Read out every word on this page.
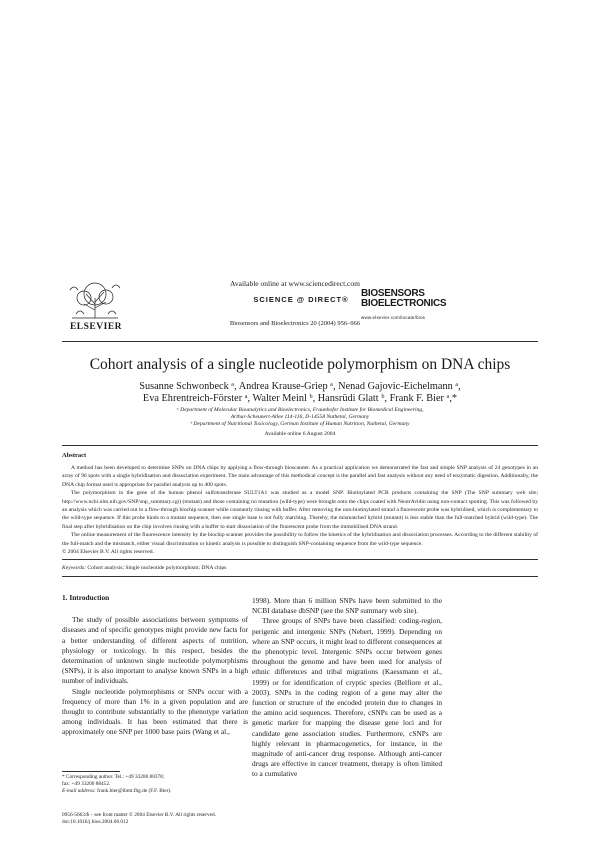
ELSEVIER
Available online at www.sciencedirect.com
SCIENCE @ DIRECT®
Biosensors and Bioelectronics 20 (2004) 956–966
BIOSENSORS
BIOELECTRONICS
www.elsevier.com/locate/bios
Cohort analysis of a single nucleotide polymorphism on DNA chips
Susanne Schwonbeck ᵃ, Andrea Krause-Griep ᵃ, Nenad Gajovic-Eichelmann ᵃ,
Eva Ehrentreich-Förster ᵃ, Walter Meinl ᵇ, Hansrüdi Glatt ᵇ, Frank F. Bier ᵃ,*
ᵃ Department of Molecular Bioanalytics and Bioelectronics, Fraunhofer Institute for Biomedical Engineering,
Arthur-Scheunert-Allee 114-116, D-14558 Nuthetal, Germany
ᵇ Department of Nutritional Toxicology, German Institute of Human Nutrition, Nuthetal, Germany
Available online 6 August 2004
Abstract

A method has been developed to determine SNPs on DNA chips by applying a flow-through bioscanner. As a practical application we demonstrated the fast and simple SNP analysis of 24 genotypes in an array of 96 spots with a single hybridisation and dissociation experiment. The main advantage of this methodical concept is the parallel and fast analysis without any need of enzymatic digestion. Additionally, the DNA chip format used is appropriate for parallel analysis up to 400 spots.

The polymorphism in the gene of the human phenol sulfotransferase SULT1A1 was studied as a model SNP. Biotinylated PCR products containing the SNP (The SNP summary web site; http://www.ncbi.nlm.nih.gov/SNP/snp_summary.cgi) (mutant) and those containing no mutation (wild-type) were brought onto the chips coated with NeutrAvidin using non-contact spotting. This was followed by an analysis which was carried out in a flow-through biochip scanner while constantly rinsing with buffer. After removing the non-biotinylated strand a fluorescent probe was hybridised, which is complementary to the wild-type sequence. If this probe binds to a mutant sequence, then one single base is not fully matching. Thereby, the mismatched hybrid (mutant) is less stable than the full-matched hybrid (wild-type). The final step after hybridisation on the chip involves rinsing with a buffer to start dissociation of the fluorescent probe from the immobilised DNA strand.

The online measurement of the fluorescence intensity by the biochip scanner provides the possibility to follow the kinetics of the hybridisation and dissociation processes. According to the different stability of the full-match and the mismatch, either visual discrimination or kinetic analysis is possible to distinguish SNP-containing sequence from the wild-type sequence.

© 2004 Elsevier B.V. All rights reserved.

Keywords: Cohort analysis; Single nucleotide polymorphism; DNA chips
1. Introduction

The study of possible associations between symptoms of diseases and of specific genotypes might provide new facts for a better understanding of different aspects of nutrition, physiology or toxicology. In this respect, besides the determination of unknown single nucleotide polymorphisms (SNPs), it is also important to analyse known SNPs in a high number of individuals.

Single nucleotide polymorphisms or SNPs occur with a frequency of more than 1% in a given population and are thought to contribute substantially to the phenotype variation among individuals. It has been estimated that there is approximately one SNP per 1000 base pairs (Wang et al.,

1998). More than 6 million SNPs have been submitted to the NCBI database dbSNP (see the SNP summary web site).

Three groups of SNPs have been classified: coding-region, perigenic and intergenic SNPs (Nebert, 1999). Depending on where an SNP occurs, it might lead to different consequences at the phenotypic level. Intergenic SNPs occur between genes throughout the genome and have been used for analysis of ethnic differences and tribal migrations (Kaessmann et al., 1999) or for identification of cryptic species (Belfiore et al., 2003). SNPs in the coding region of a gene may alter the function or structure of the encoded protein due to changes in the amino acid sequences. Therefore, cSNPs can be used as a genetic marker for mapping the disease gene loci and for candidate gene association studies. Furthermore, cSNPs are highly relevant in pharmacogenetics, for instance, in the magnitude of anti-cancer drug response. Although anti-cancer drugs are effective in cancer treatment, therapy is often limited to a cumulative

* Corresponding author. Tel.: +49 33200 88378;

fax: +49 33200 88452.

E-mail address: frank.bier@ibmt.fhg.de (F.F. Bier).

0956-5663/$ – see front matter © 2004 Elsevier B.V. All rights reserved.
doi:10.1016/j.bios.2004.06.012
